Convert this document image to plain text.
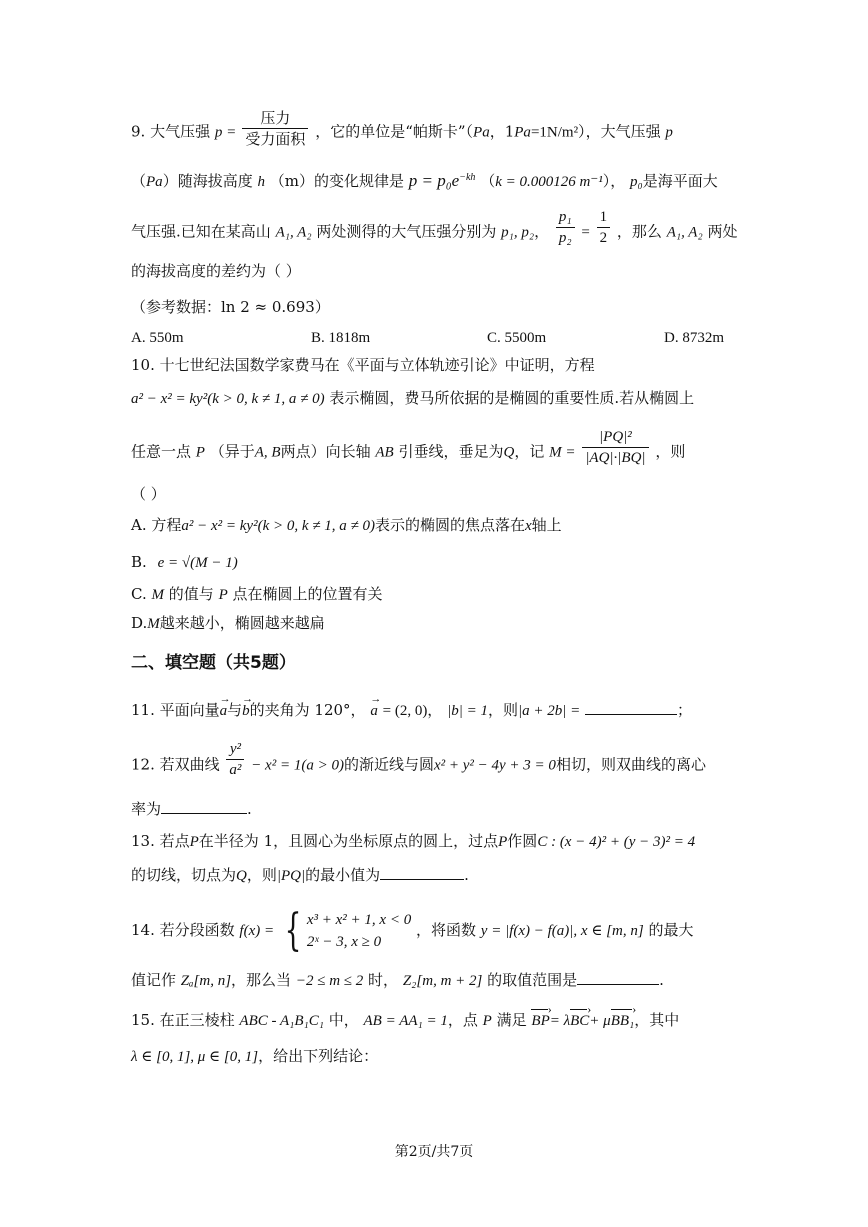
9. 大气压强 $p = \frac{\text{压力}}{\text{受力面积}}$ ，它的单位是“帕斯卡”（Pa，1Pa=1N/m²），大气压强 p
（Pa）随海拔高度 h （m）的变化规律是 $p = p_0e^{-kh}$ （k = 0.000126 m⁻¹）， p₀是海平面大
气压强.已知在某高山 A₁, A₂ 两处测得的大气压强分别为 p₁, p₂， $\frac{\text{p₁}}{\text{p₂}} = \frac{1}{2}$ ，那么 A₁, A₂ 两处
的海拔高度的差约为（ ）
（参考数据：ln 2 ≈ 0.693）
A. 550m	B. 1818m	C. 5500m	D. 8732m
10. 十七世纪法国数学家费马在《平面与立体轨迹引论》中证明，方程
a² − x² = ky²(k > 0, k ≠ 1, a ≠ 0) 表示椭圆，费马所依据的是椭圆的重要性质.若从椭圆上
任意一点 P （异于A, B两点）向长轴 AB 引垂线，垂足为Q，记 $M = \frac{\text{|PQ|²}}{|AQ|\cdot|BQ|}$ ，则
（ ）
A. 方程a² − x² = ky²(k > 0, k ≠ 1, a ≠ 0)表示的椭圆的焦点落在x轴上
B. e = √(M − 1)
C. M 的值与 P 点在椭圆上的位置有关
D.M越来越小，椭圆越来越扁
二、填空题（共5题）
11. 平面向量→ a与→ b的夹角为 120°， → a = (2, 0)， |b| = 1，则|a + 2b| =	；
12. 若双曲线 $\frac{\text{y²}}{\text{a²}} - x^2 = 1(a > 0)$的渐近线与圆x² + y² − 4y + 3 = 0相切，则双曲线的离心
率为	.
13. 若点P在半径为 1，且圆心为坐标原点的圆上，过点P作圆C : (x − 4)² + (y − 3)² = 4
的切线，切点为Q，则|PQ|的最小值为	.
14. 若分段函数 f(x) = { x³ + x² + 1, x < 0
2ˣ − 3, x ≥ 0
，将函数 y = |f(x) − f(a)|, x ∈ [m, n] 的最大
值记作 Zₐ[m, n]，那么当 −2 ≤ m ≤ 2 时， Z₂[m, m + 2] 的取值范围是	.
15. 在正三棱柱 ABC - A₁B₁C₁ 中， AB = AA₁ = 1，点 P 满足 BP ›= λBC ›+ μBB₁ ›，其中
λ ∈ [0, 1], μ ∈ [0, 1]，给出下列结论：
第2页/共7页
